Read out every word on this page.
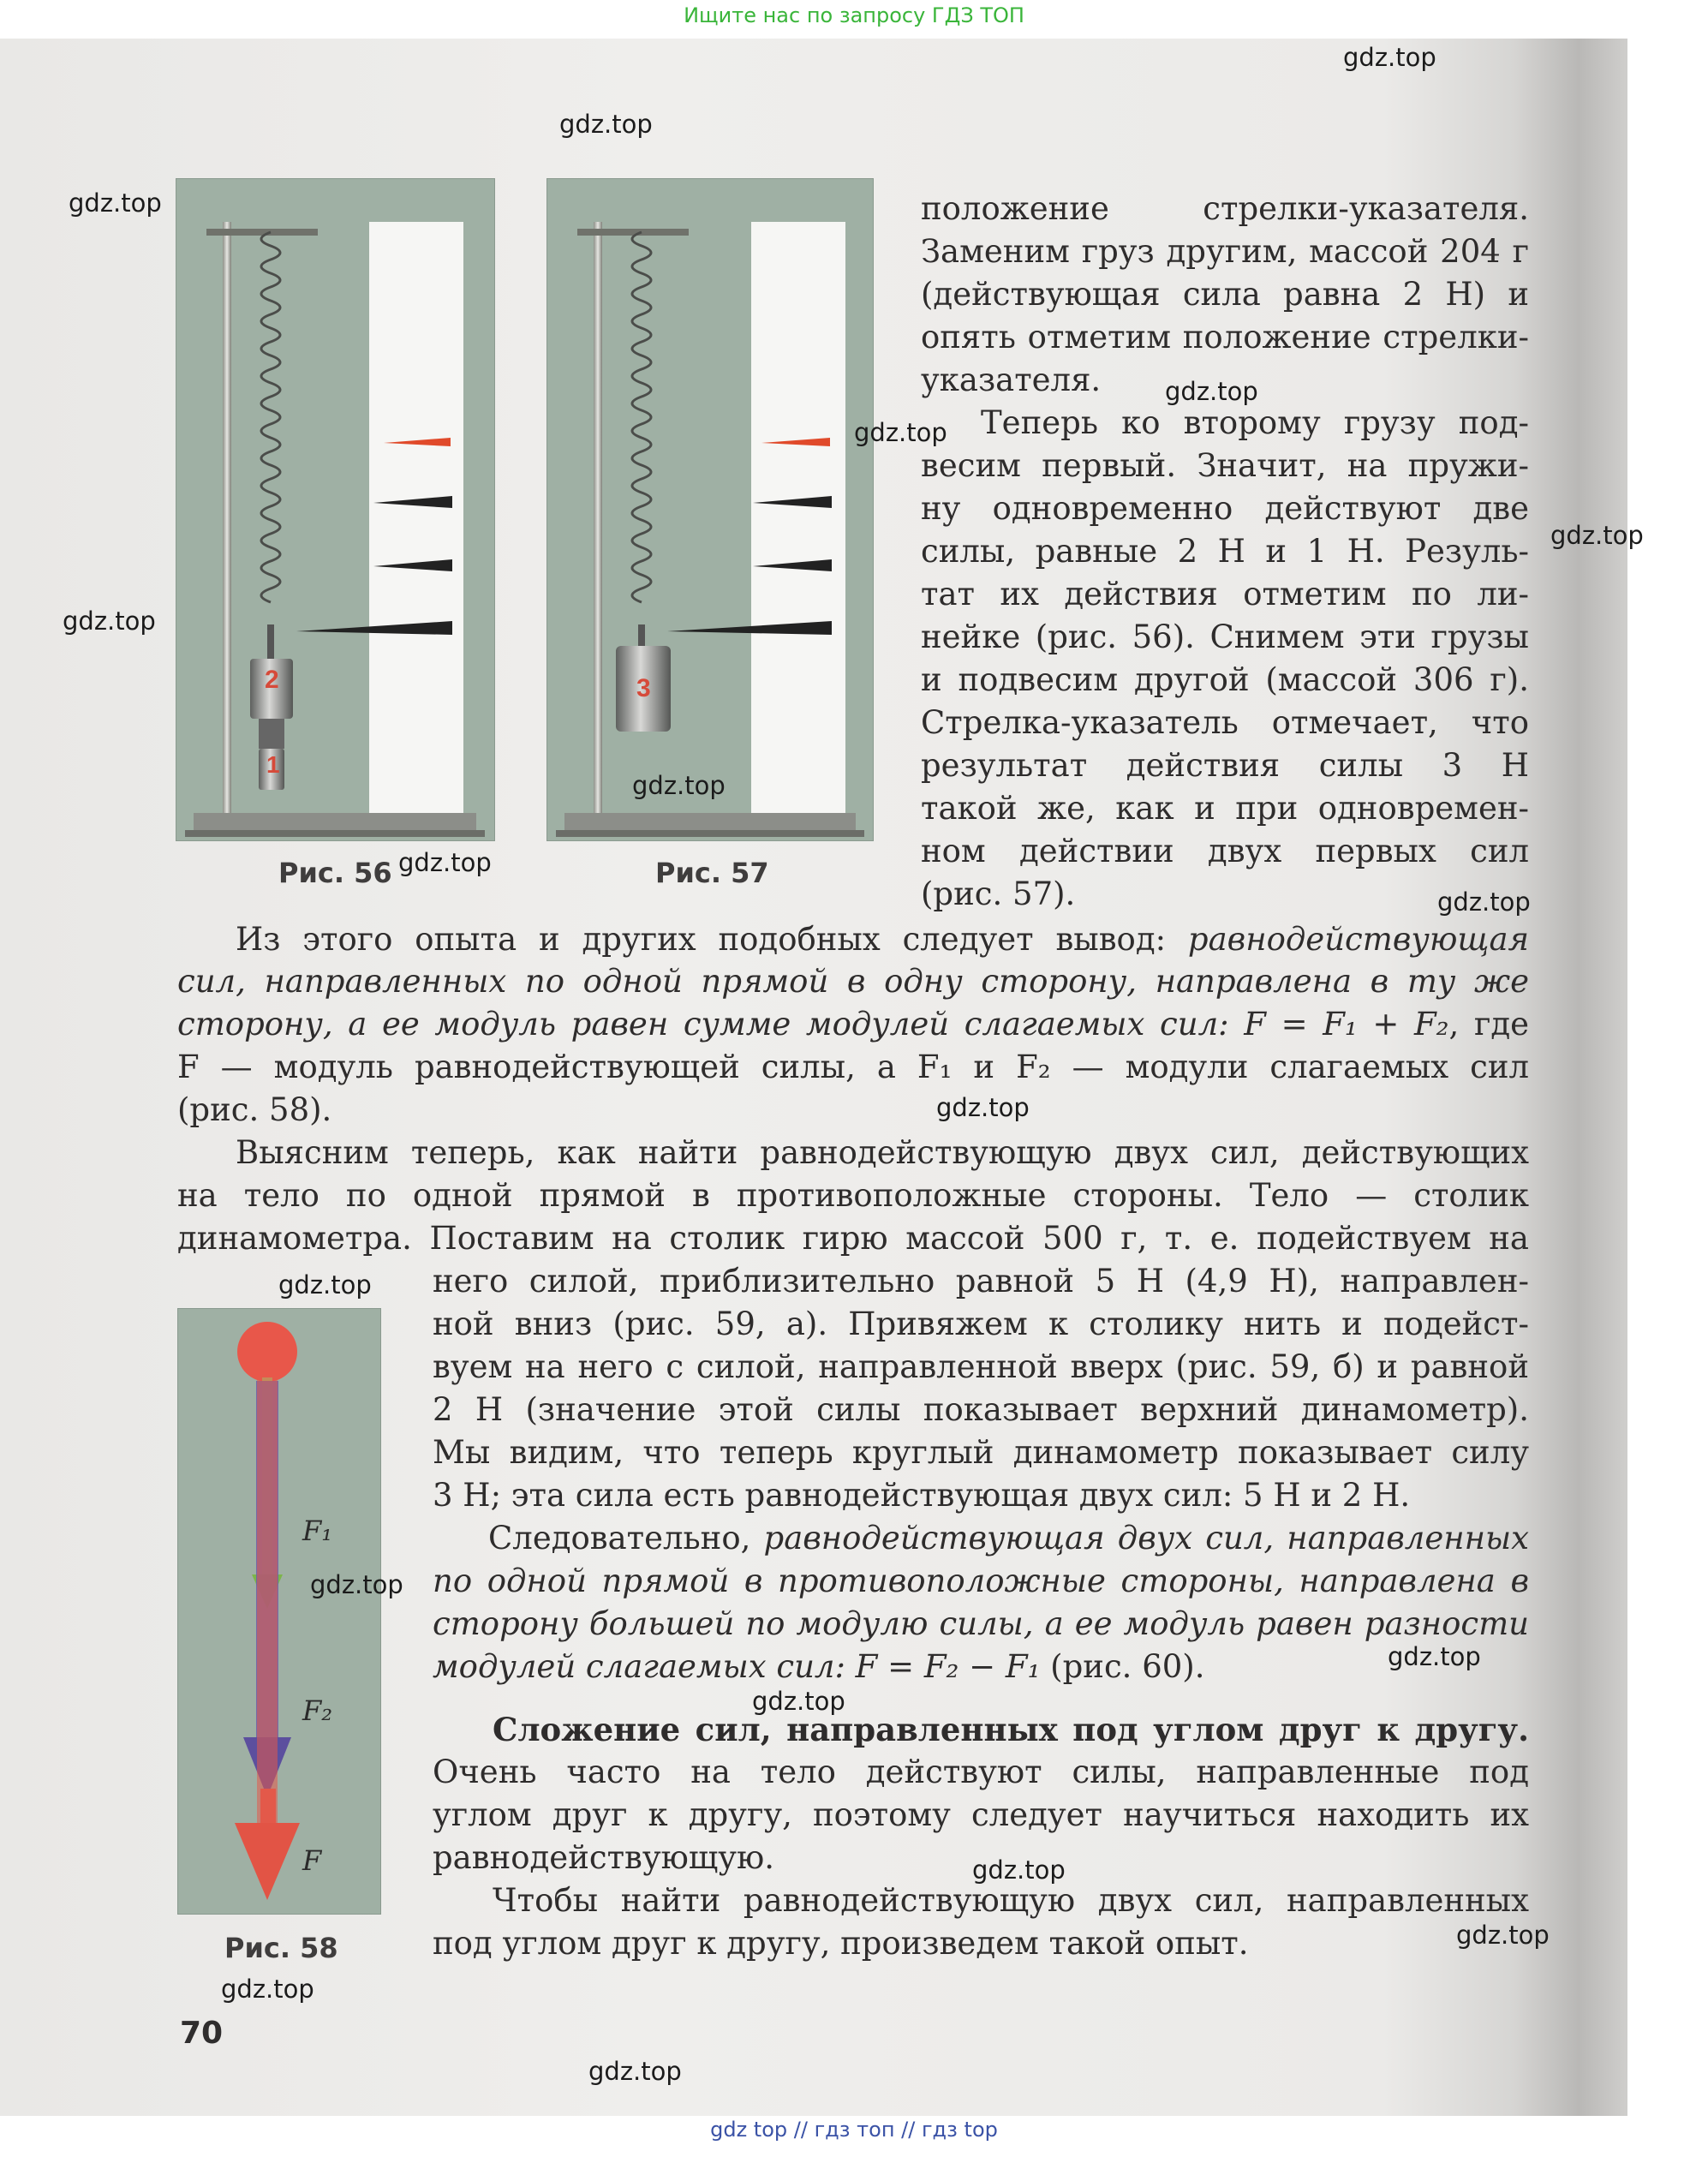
Ищите нас по запросу ГДЗ ТОП
2
1
Рис. 56
3
Рис. 57
F₁
F₂
F
Рис. 58
положение стрелки-указателя.
Заменим груз другим, массой 204 г
(действующая сила равна 2 Н) и
опять отметим положение стрелки-
указателя.
Теперь ко второму грузу под-
весим первый. Значит, на пружи-
ну одновременно действуют две
силы, равные 2 Н и 1 Н. Резуль-
тат их действия отметим по ли-
нейке (рис. 56). Снимем эти грузы
и подвесим другой (массой 306 г).
Стрелка-указатель отмечает, что
результат действия силы 3 Н
такой же, как и при одновремен-
ном действии двух первых сил
(рис. 57).
Из этого опыта и других подобных следует вывод: равнодействующая
сил, направленных по одной прямой в одну сторону, направлена в ту же
сторону, а ее модуль равен сумме модулей слагаемых сил: F = F₁ + F₂, где
F — модуль равнодействующей силы, а F₁ и F₂ — модули слагаемых сил
(рис. 58).
Выясним теперь, как найти равнодействующую двух сил, действующих
на тело по одной прямой в противоположные стороны. Тело — столик
динамометра. Поставим на столик гирю массой 500 г, т. е. подействуем на
него силой, приблизительно равной 5 Н (4,9 Н), направлен-
ной вниз (рис. 59, а). Привяжем к столику нить и подейст-
вуем на него с силой, направленной вверх (рис. 59, б) и равной
2 Н (значение этой силы показывает верхний динамометр).
Мы видим, что теперь круглый динамометр показывает силу
3 Н; эта сила есть равнодействующая двух сил: 5 Н и 2 Н.
Следовательно, равнодействующая двух сил, направленных
по одной прямой в противоположные стороны, направлена в
сторону большей по модулю силы, а ее модуль равен разности
модулей слагаемых сил: F = F₂ − F₁ (рис. 60).
Сложение сил, направленных под углом друг к другу.
Очень часто на тело действуют силы, направленные под
углом друг к другу, поэтому следует научиться находить их
равнодействующую.
Чтобы найти равнодействующую двух сил, направленных
под углом друг к другу, произведем такой опыт.
70
gdz.top
gdz.top
gdz.top
gdz.top
gdz.top
gdz.top
gdz.top
gdz.top
gdz.top
gdz.top
gdz.top
gdz.top
gdz.top
gdz.top
gdz.top
gdz.top
gdz.top
gdz.top
gdz.top
gdz top // гдз топ // гдз top
